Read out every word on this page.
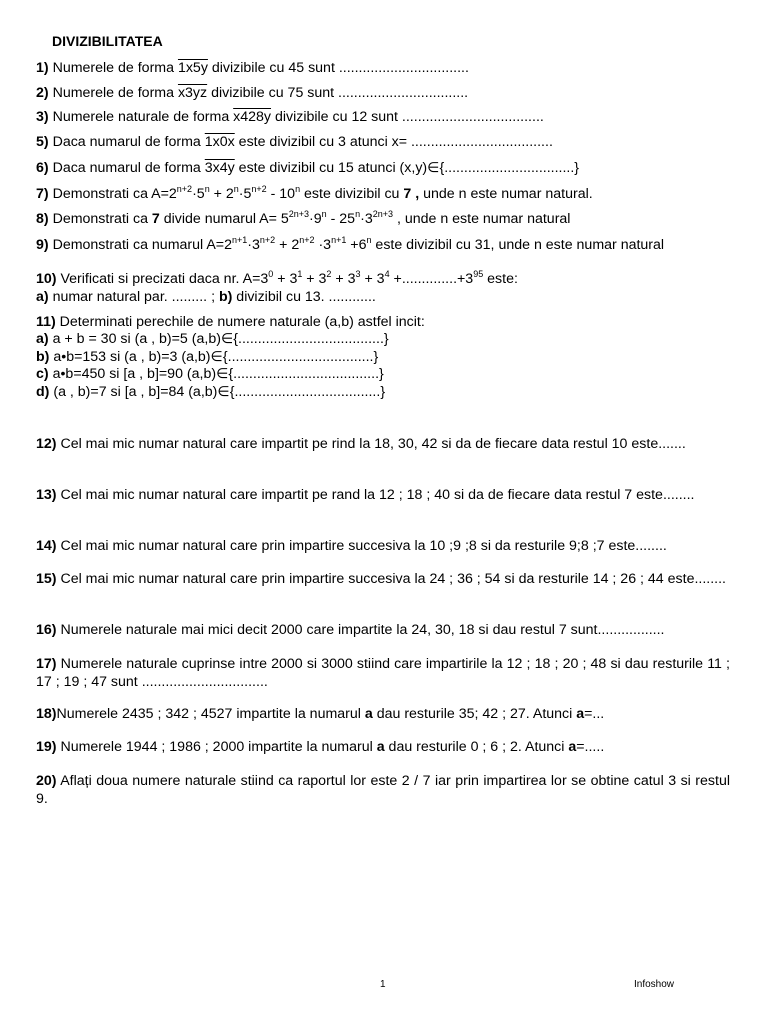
DIVIZIBILITATEA
1) Numerele de forma 1x5y divizibile cu 45 sunt .................................
2) Numerele de forma x3yz divizibile cu 75 sunt .................................
3) Numerele naturale de forma x428y divizibile cu 12 sunt ....................................
5) Daca numarul de forma 1x0x este divizibil cu 3 atunci x= ....................................
6) Daca numarul de forma 3x4y este divizibil cu 15 atunci (x,y)∈{.................................}
7) Demonstrati ca $A=2^{n+2}\cdot 5^n + 2^n\cdot 5^{n+2} - 10^n$ este divizibil cu 7 , unde n este numar natural.
8) Demonstrati ca 7 divide numarul $A= 5^{2n+3}\cdot 9^n - 25^n\cdot 3^{2n+3}$ , unde n este numar natural
9) Demonstrati ca numarul $A=2^{n+1}\cdot 3^{n+2} + 2^{n+2} \cdot 3^{n+1} +6^n$ este divizibil cu 31, unde n este numar natural
10) Verificati si precizati daca nr. $A=3^0 + 3^1 + 3^2 + 3^3 + 3^4 +..............+3^{95}$ este:
a) numar natural par. ......... ; b) divizibil cu 13. ............
11) Determinati perechile de numere naturale (a,b) astfel incit:
a) a + b = 30 si (a , b)=5 (a,b)∈{.....................................}
b) a•b=153 si (a , b)=3 (a,b)∈{.....................................}
c) a•b=450 si [a , b]=90 (a,b)∈{.....................................}
d) (a , b)=7 si [a , b]=84 (a,b)∈{.....................................}
12) Cel mai mic numar natural care impartit pe rind la 18, 30, 42 si da de fiecare data restul 10 este.......
13) Cel mai mic numar natural care impartit pe rand la 12 ; 18 ; 40 si da de fiecare data restul 7 este........
14) Cel mai mic numar natural care prin impartire succesiva la 10 ;9 ;8 si da resturile 9;8 ;7 este........
15) Cel mai mic numar natural care prin impartire succesiva la 24 ; 36 ; 54 si da resturile 14 ; 26 ; 44 este........
16) Numerele naturale mai mici decit 2000 care impartite la 24, 30, 18 si dau restul 7 sunt.................
17) Numerele naturale cuprinse intre 2000 si 3000 stiind care impartirile la 12 ; 18 ; 20 ; 48 si dau resturile 11 ; 17 ; 19 ; 47 sunt ................................
18)Numerele 2435 ; 342 ; 4527 impartite la numarul a dau resturile 35; 42 ; 27. Atunci a=...
19) Numerele 1944 ; 1986 ; 2000 impartite la numarul a dau resturile 0 ; 6 ; 2. Atunci a=.....
20) Aflați doua numere naturale stiind ca raportul lor este 2 / 7 iar prin impartirea lor se obtine catul 3 si restul 9.
1	Infoshow
